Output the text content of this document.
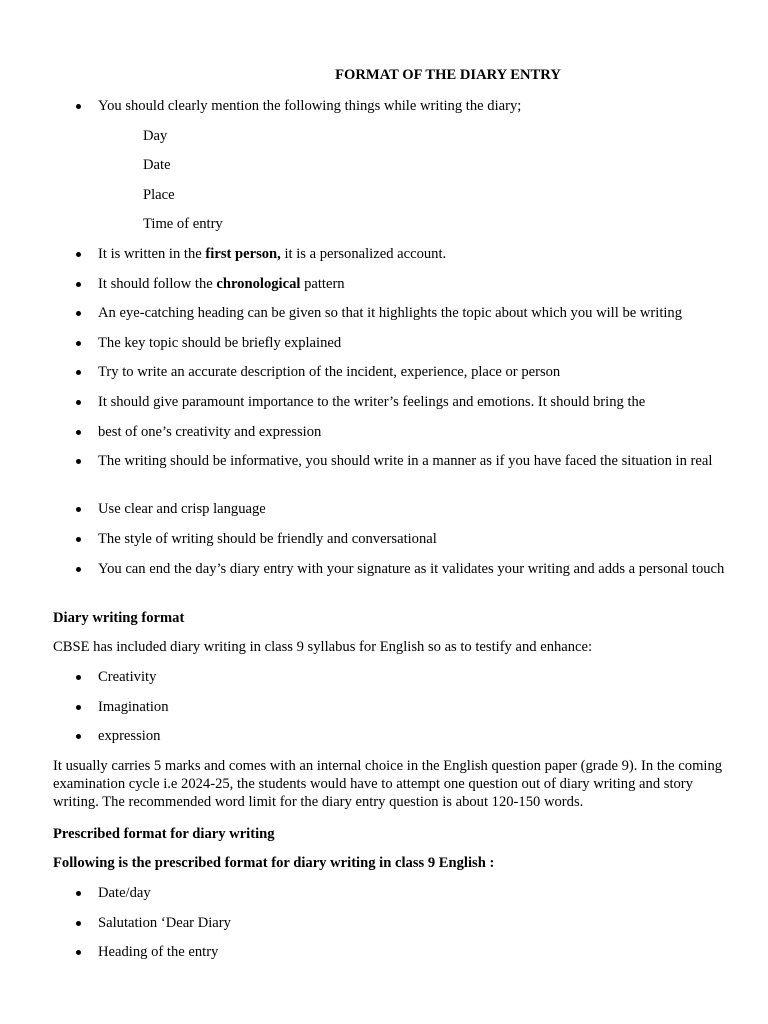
FORMAT OF THE DIARY ENTRY
You should clearly mention the following things while writing the diary;
Day
Date
Place
Time of entry
It is written in the first person, it is a personalized account.
It should follow the chronological pattern
An eye-catching heading can be given so that it highlights the topic about which you will be writing
The key topic should be briefly explained
Try to write an accurate description of the incident, experience, place or person
It should give paramount importance to the writer’s feelings and emotions. It should bring the
best of one’s creativity and expression
The writing should be informative, you should write in a manner as if you have faced the situation in real
Use clear and crisp language
The style of writing should be friendly and conversational
You can end the day’s diary entry with your signature as it validates your writing and adds a personal touch
Diary writing format
CBSE has included diary writing in class 9 syllabus for English so as to testify and enhance:
Creativity
Imagination
expression
It usually carries 5 marks and comes with an internal choice in the English question paper (grade 9). In the coming examination cycle i.e 2024-25, the students would have to attempt one question out of diary writing and story writing. The recommended word limit for the diary entry question is about 120-150 words.
Prescribed format for diary writing
Following is the prescribed format for diary writing in class 9 English :
Date/day
Salutation ‘Dear Diary
Heading of the entry
